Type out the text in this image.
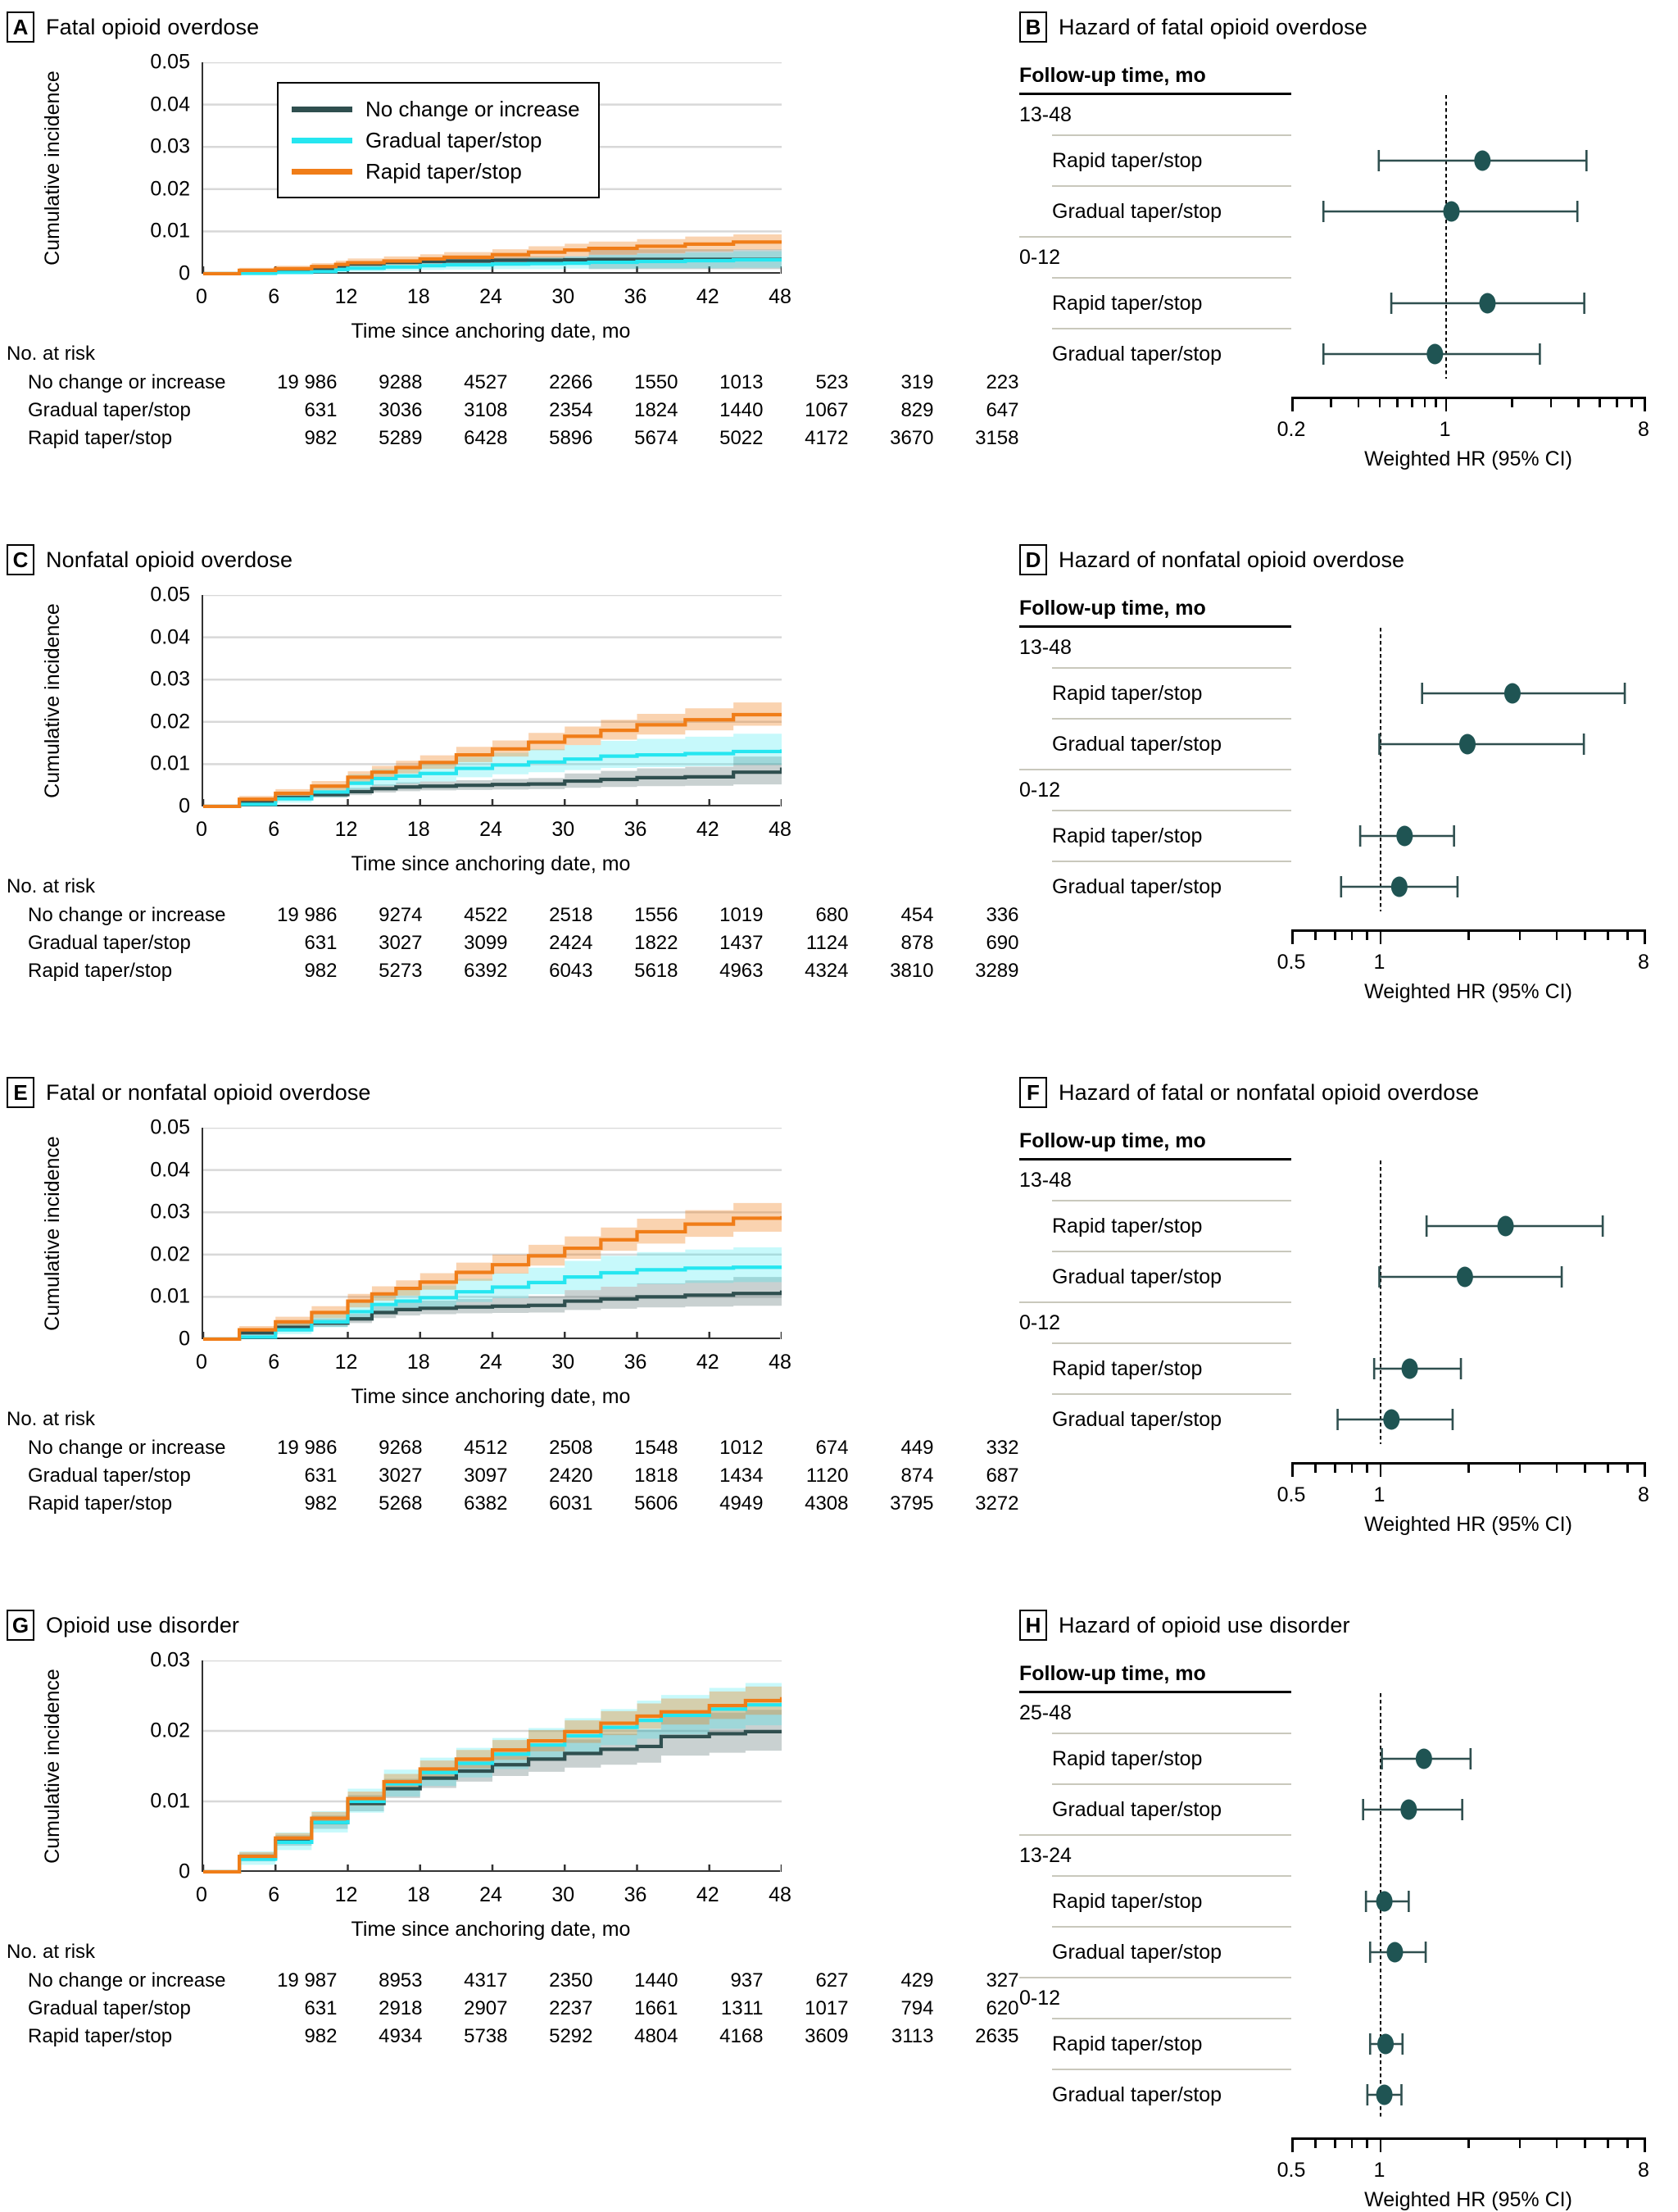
A Fatal opioid overdose
Cumulative incidence
0
0.01
0.02
0.03
0.04
0.05
0	6	12 18 24 30 36 42 48
Time since anchoring date, mo
No change or increase
Gradual taper/stop
Rapid taper/stop
No. at risk
No change or increase	19 986	9288	4527	2266	1550	1013	523	319	223
Gradual taper/stop	631	3036	3108	2354	1824	1440	1067	829	647
Rapid taper/stop	982	5289	6428	5896	5674	5022	4172	3670	3158
C Nonfatal opioid overdose
Cumulative incidence
0
0.01
0.02
0.03
0.04
0.05
0	6	12 18 24 30 36 42 48
Time since anchoring date, mo
No. at risk
No change or increase	19 986	9274	4522	2518	1556	1019	680	454	336
Gradual taper/stop	631	3027	3099	2424	1822	1437	1124	878	690
Rapid taper/stop	982	5273	6392	6043	5618	4963	4324	3810	3289
E Fatal or nonfatal opioid overdose
Cumulative incidence
0
0.01
0.02
0.03
0.04
0.05
0	6	12 18 24 30 36 42 48
Time since anchoring date, mo
No. at risk
No change or increase	19 986	9268	4512	2508	1548	1012	674	449	332
Gradual taper/stop	631	3027	3097	2420	1818	1434	1120	874	687
Rapid taper/stop	982	5268	6382	6031	5606	4949	4308	3795	3272
G Opioid use disorder
Cumulative incidence
0
0.01
0.02
0.03
0	6	12 18 24 30 36 42 48
Time since anchoring date, mo
No. at risk
No change or increase	19 987	8953	4317	2350	1440	937	627	429	327
Gradual taper/stop	631	2918	2907	2237	1661	1311	1017	794	620
Rapid taper/stop	982	4934	5738	5292	4804	4168	3609	3113	2635
B Hazard of fatal opioid overdose
Follow-up time, mo
13-48
Rapid taper/stop
Gradual taper/stop
0-12
Rapid taper/stop
Gradual taper/stop
0.2	1	8
Weighted HR (95% CI)
D Hazard of nonfatal opioid overdose
Follow-up time, mo
13-48
Rapid taper/stop
Gradual taper/stop
0-12
Rapid taper/stop
Gradual taper/stop
0.5	1	8
Weighted HR (95% CI)
F Hazard of fatal or nonfatal opioid overdose
Follow-up time, mo
13-48
Rapid taper/stop
Gradual taper/stop
0-12
Rapid taper/stop
Gradual taper/stop
0.5	1	8
Weighted HR (95% CI)
H Hazard of opioid use disorder
Follow-up time, mo
25-48
Rapid taper/stop
Gradual taper/stop
13-24
Rapid taper/stop
Gradual taper/stop
0-12
Rapid taper/stop
Gradual taper/stop
0.5	1	8
Weighted HR (95% CI)
